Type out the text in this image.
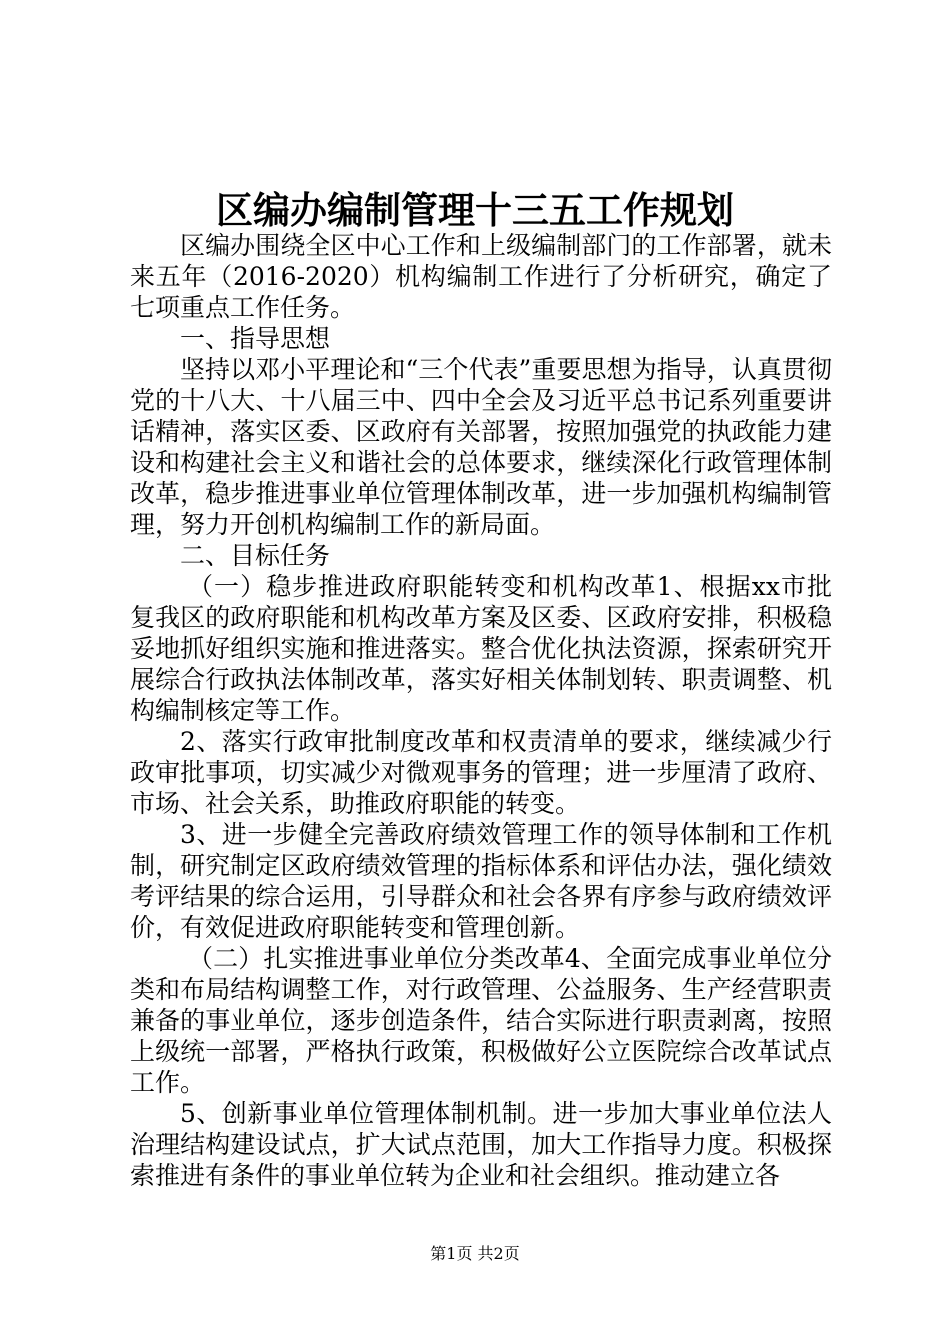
区编办编制管理十三五工作规划

区编办围绕全区中心工作和上级编制部门的工作部署，就未来五年（2016-2020）机构编制工作进行了分析研究，确定了七项重点工作任务。

一、指导思想

坚持以邓小平理论和“三个代表”重要思想为指导，认真贯彻党的十八大、十八届三中、四中全会及习近平总书记系列重要讲话精神，落实区委、区政府有关部署，按照加强党的执政能力建设和构建社会主义和谐社会的总体要求，继续深化行政管理体制改革，稳步推进事业单位管理体制改革，进一步加强机构编制管理，努力开创机构编制工作的新局面。

二、目标任务

（一）稳步推进政府职能转变和机构改革1、根据xx市批复我区的政府职能和机构改革方案及区委、区政府安排，积极稳妥地抓好组织实施和推进落实。整合优化执法资源，探索研究开展综合行政执法体制改革，落实好相关体制划转、职责调整、机构编制核定等工作。

2、落实行政审批制度改革和权责清单的要求，继续减少行政审批事项，切实减少对微观事务的管理；进一步厘清了政府、市场、社会关系，助推政府职能的转变。

3、进一步健全完善政府绩效管理工作的领导体制和工作机制，研究制定区政府绩效管理的指标体系和评估办法，强化绩效考评结果的综合运用，引导群众和社会各界有序参与政府绩效评价，有效促进政府职能转变和管理创新。

（二）扎实推进事业单位分类改革4、全面完成事业单位分类和布局结构调整工作，对行政管理、公益服务、生产经营职责兼备的事业单位，逐步创造条件，结合实际进行职责剥离，按照上级统一部署，严格执行政策，积极做好公立医院综合改革试点工作。

5、创新事业单位管理体制机制。进一步加大事业单位法人治理结构建设试点，扩大试点范围，加大工作指导力度。积极探索推进有条件的事业单位转为企业和社会组织。推动建立各

第1页 共2页
